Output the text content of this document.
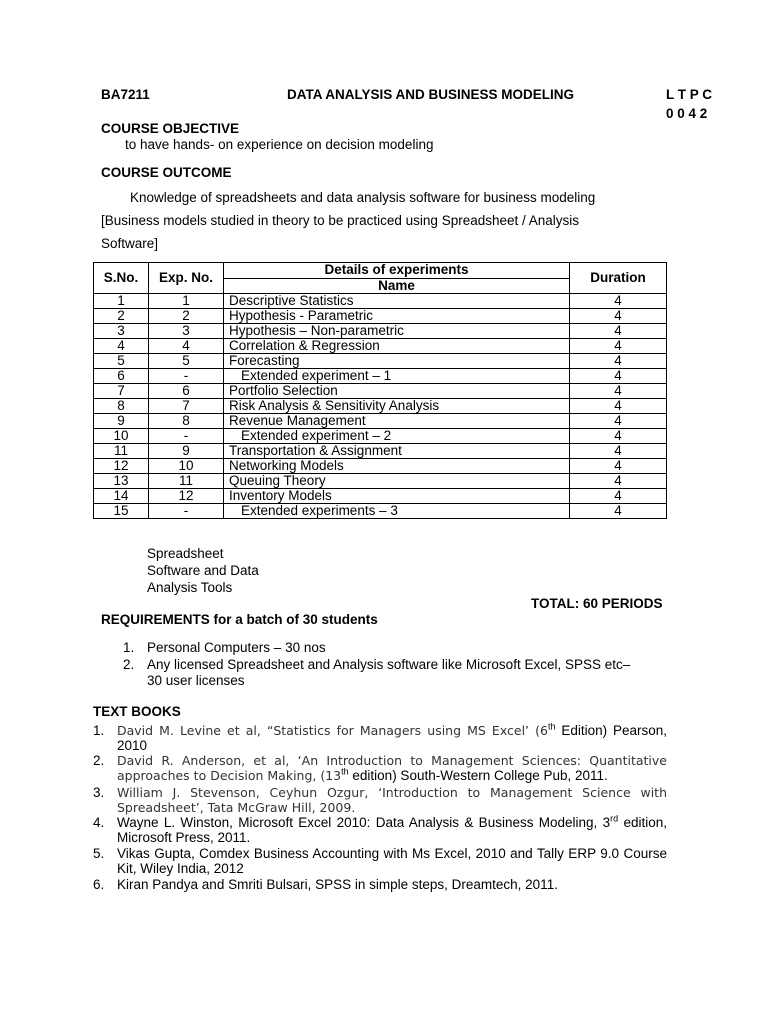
BA7211	DATA ANALYSIS AND BUSINESS MODELING	L T P C
0 0 4 2
COURSE OBJECTIVE
to have hands- on experience on decision modeling
COURSE OUTCOME
Knowledge of spreadsheets and data analysis software for business modeling
[Business models studied in theory to be practiced using Spreadsheet / Analysis
Software]
S.No.	Exp. No.	Details of experiments	Duration
		Name	
1	1	Descriptive Statistics	4
2	2	Hypothesis - Parametric	4
3	3	Hypothesis – Non-parametric	4
4	4	Correlation & Regression	4
5	5	Forecasting	4
6	-	Extended experiment – 1	4
7	6	Portfolio Selection	4
8	7	Risk Analysis & Sensitivity Analysis	4
9	8	Revenue Management	4
10	-	Extended experiment – 2	4
11	9	Transportation & Assignment	4
12	10	Networking Models	4
13	11	Queuing Theory	4
14	12	Inventory Models	4
15	-	Extended experiments – 3	4
Spreadsheet
Software and Data
Analysis Tools
TOTAL: 60 PERIODS
REQUIREMENTS for a batch of 30 students
1. Personal Computers – 30 nos
2. Any licensed Spreadsheet and Analysis software like Microsoft Excel, SPSS etc–
30 user licenses
TEXT BOOKS
1. David M. Levine et al, “Statistics for Managers using MS Excel’ (6th Edition) Pearson, 2010
2. David R. Anderson, et al, ‘An Introduction to Management Sciences: Quantitative approaches to Decision Making, (13th edition) South-Western College Pub, 2011.
3. William J. Stevenson, Ceyhun Ozgur, ‘Introduction to Management Science with Spreadsheet’, Tata McGraw Hill, 2009.
4. Wayne L. Winston, Microsoft Excel 2010: Data Analysis & Business Modeling, 3rd edition, Microsoft Press, 2011.
5. Vikas Gupta, Comdex Business Accounting with Ms Excel, 2010 and Tally ERP 9.0 Course Kit, Wiley India, 2012
6. Kiran Pandya and Smriti Bulsari, SPSS in simple steps, Dreamtech, 2011.
